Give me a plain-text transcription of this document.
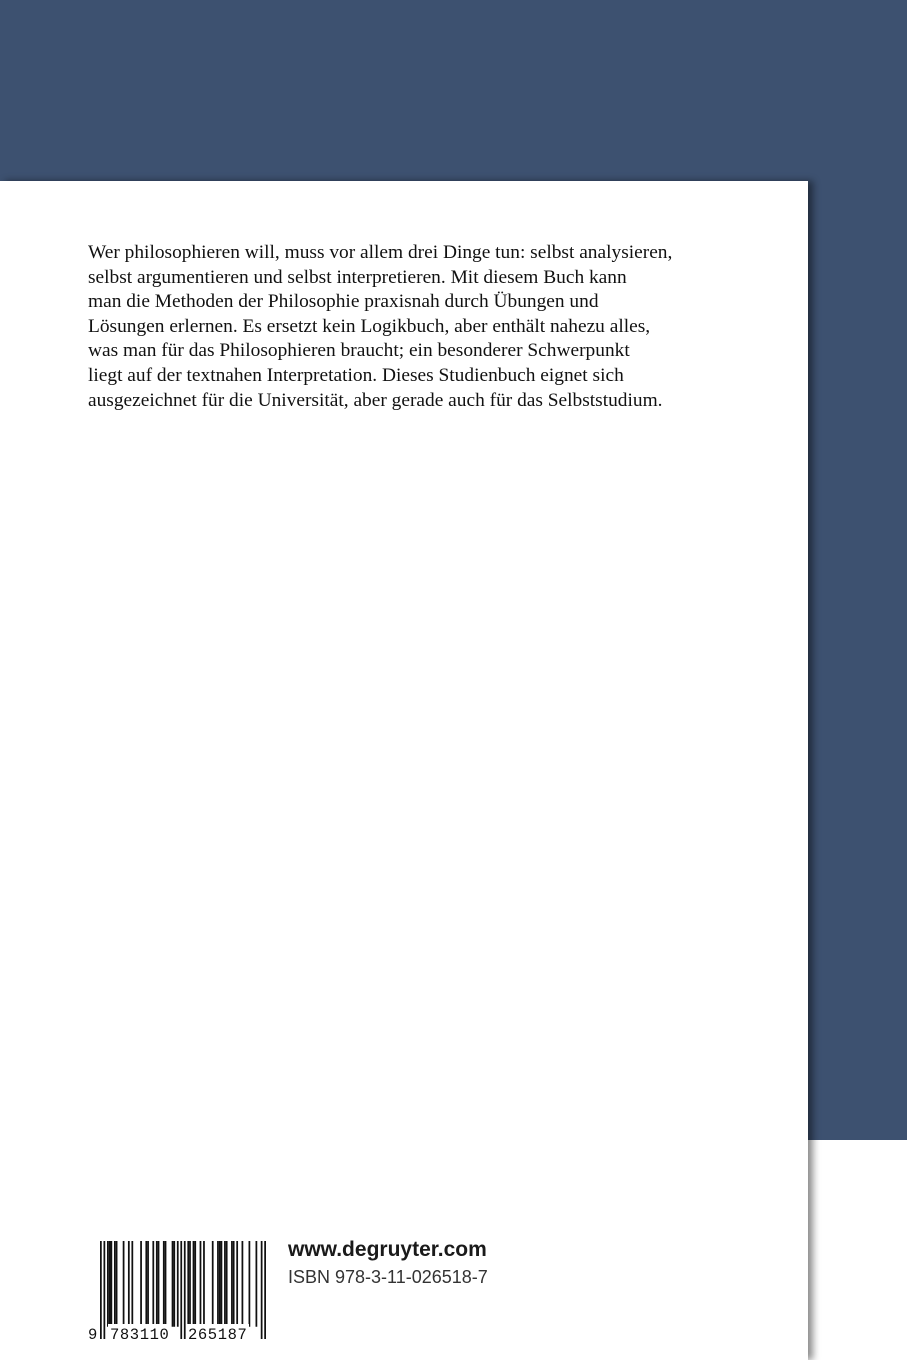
Wer philosophieren will, muss vor allem drei Dinge tun: selbst analysieren,
selbst argumentieren und selbst interpretieren. Mit diesem Buch kann
man die Methoden der Philosophie praxisnah durch Übungen und
Lösungen erlernen. Es ersetzt kein Logikbuch, aber enthält nahezu alles,
was man für das Philosophieren braucht; ein besonderer Schwerpunkt
liegt auf der textnahen Interpretation. Dieses Studienbuch eignet sich
ausgezeichnet für die Universität, aber gerade auch für das Selbststudium.

9 783110 265187
www.degruyter.com
ISBN 978-3-11-026518-7
